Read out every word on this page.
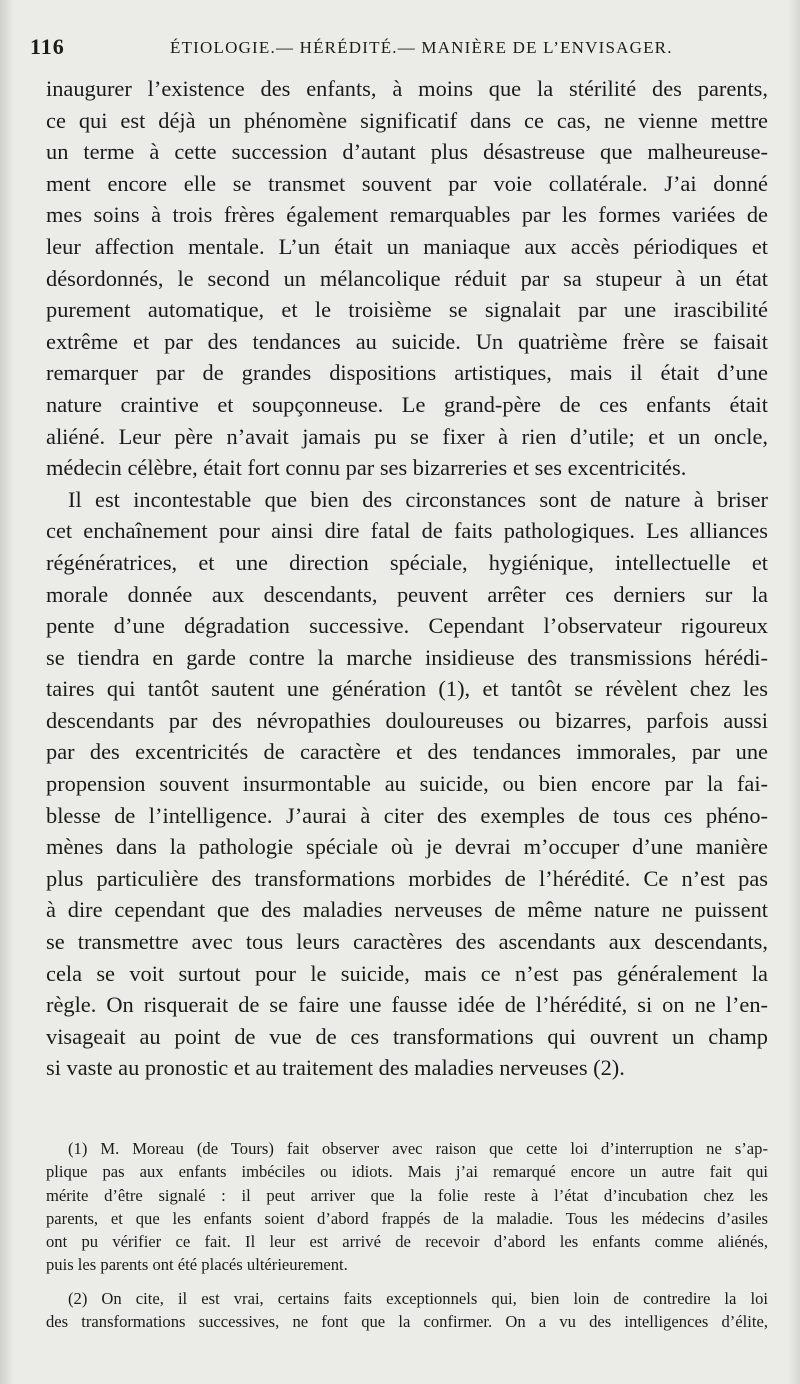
116	ÉTIOLOGIE.— HÉRÉDITÉ.— MANIÈRE DE L’ENVISAGER.
inaugurer l’existence des enfants, à moins que la stérilité des parents,
ce qui est déjà un phénomène significatif dans ce cas, ne vienne mettre
un terme à cette succession d’autant plus désastreuse que malheureuse-
ment encore elle se transmet souvent par voie collatérale. J’ai donné
mes soins à trois frères également remarquables par les formes variées de
leur affection mentale. L’un était un maniaque aux accès périodiques et
désordonnés, le second un mélancolique réduit par sa stupeur à un état
purement automatique, et le troisième se signalait par une irascibilité
extrême et par des tendances au suicide. Un quatrième frère se faisait
remarquer par de grandes dispositions artistiques, mais il était d’une
nature craintive et soupçonneuse. Le grand-père de ces enfants était
aliéné. Leur père n’avait jamais pu se fixer à rien d’utile; et un oncle,
médecin célèbre, était fort connu par ses bizarreries et ses excentricités.
Il est incontestable que bien des circonstances sont de nature à briser
cet enchaînement pour ainsi dire fatal de faits pathologiques. Les alliances
régénératrices, et une direction spéciale, hygiénique, intellectuelle et
morale donnée aux descendants, peuvent arrêter ces derniers sur la
pente d’une dégradation successive. Cependant l’observateur rigoureux
se tiendra en garde contre la marche insidieuse des transmissions hérédi-
taires qui tantôt sautent une génération (1), et tantôt se révèlent chez les
descendants par des névropathies douloureuses ou bizarres, parfois aussi
par des excentricités de caractère et des tendances immorales, par une
propension souvent insurmontable au suicide, ou bien encore par la fai-
blesse de l’intelligence. J’aurai à citer des exemples de tous ces phéno-
mènes dans la pathologie spéciale où je devrai m’occuper d’une manière
plus particulière des transformations morbides de l’hérédité. Ce n’est pas
à dire cependant que des maladies nerveuses de même nature ne puissent
se transmettre avec tous leurs caractères des ascendants aux descendants,
cela se voit surtout pour le suicide, mais ce n’est pas généralement la
règle. On risquerait de se faire une fausse idée de l’hérédité, si on ne l’en-
visageait au point de vue de ces transformations qui ouvrent un champ
si vaste au pronostic et au traitement des maladies nerveuses (2).
(1) M. Moreau (de Tours) fait observer avec raison que cette loi d’interruption ne s’ap-
plique pas aux enfants imbéciles ou idiots. Mais j’ai remarqué encore un autre fait qui
mérite d’être signalé : il peut arriver que la folie reste à l’état d’incubation chez les
parents, et que les enfants soient d’abord frappés de la maladie. Tous les médecins d’asiles
ont pu vérifier ce fait. Il leur est arrivé de recevoir d’abord les enfants comme aliénés,
puis les parents ont été placés ultérieurement.
(2) On cite, il est vrai, certains faits exceptionnels qui, bien loin de contredire la loi
des transformations successives, ne font que la confirmer. On a vu des intelligences d’élite,
